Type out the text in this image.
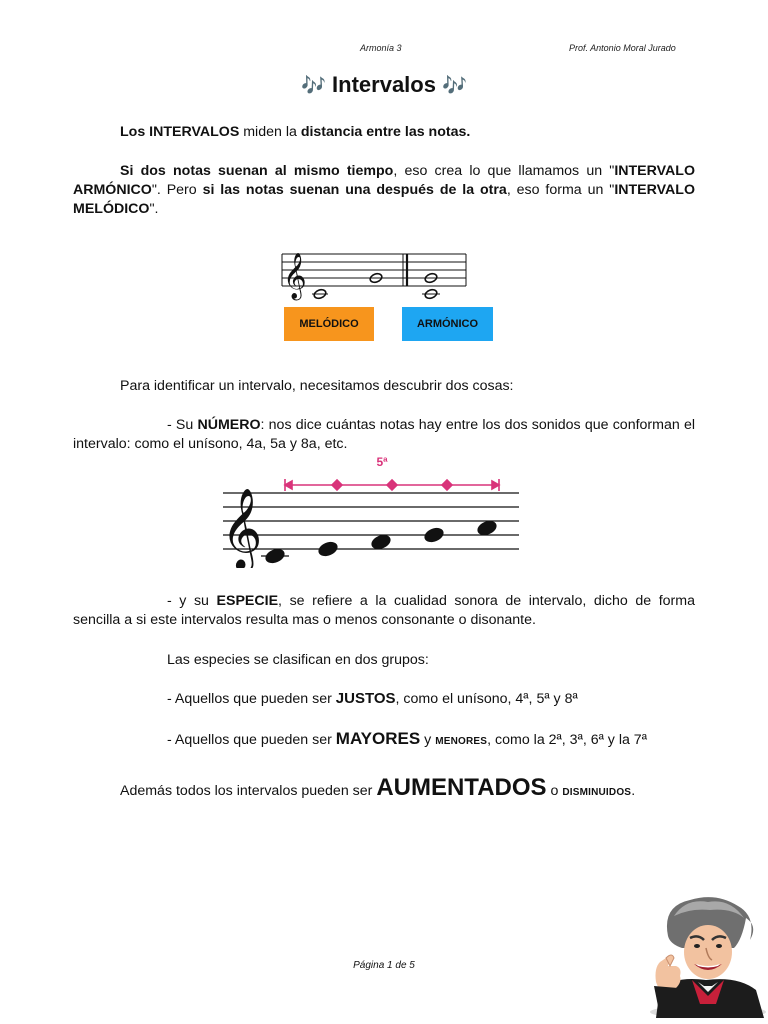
Armonía 3	Prof. Antonio Moral Jurado
🎶 Intervalos 🎶

Los INTERVALOS miden la distancia entre las notas.

Si dos notas suenan al mismo tiempo, eso crea lo que llamamos un "INTERVALO ARMÓNICO". Pero si las notas suenan una después de la otra, eso forma un "INTERVALO MELÓDICO".

𝄞
MELÓDICO	ARMÓNICO

Para identificar un intervalo, necesitamos descubrir dos cosas:

- Su NÚMERO: nos dice cuántas notas hay entre los dos sonidos que conforman el intervalo: como el unísono, 4a, 5a y 8a, etc.

5ª
𝄞

- y su ESPECIE, se refiere a la cualidad sonora de intervalo, dicho de forma sencilla a si este intervalos resulta mas o menos consonante o disonante.

Las especies se clasifican en dos grupos:

- Aquellos que pueden ser JUSTOS, como el unísono, 4ª, 5ª y 8ª

- Aquellos que pueden ser MAYORES y MENORES, como la 2ª, 3ª, 6ª y la 7ª

Además todos los intervalos pueden ser AUMENTADOS o DISMINUIDOS.

Página 1 de 5
